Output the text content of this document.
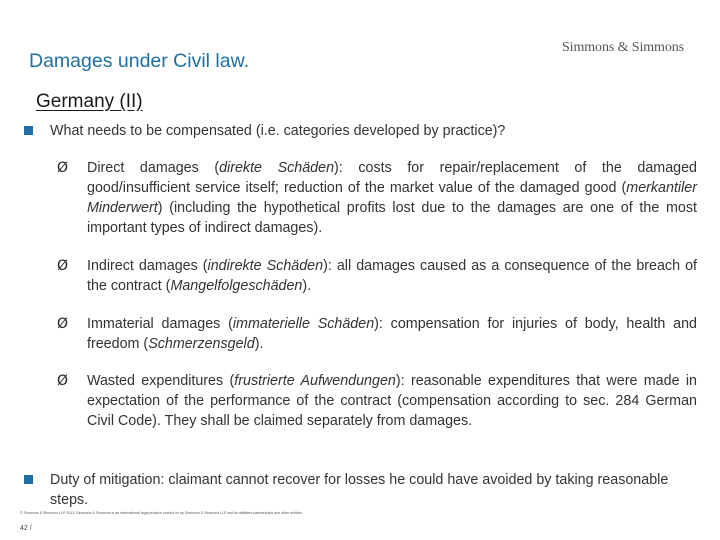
Damages under Civil law.
Simmons & Simmons
Germany (II)
What needs to be compensated (i.e. categories developed by practice)?
Ø Direct damages (direkte Schäden): costs for repair/replacement of the damaged good/insufficient service itself; reduction of the market value of the damaged good (merkantiler Minderwert) (including the hypothetical profits lost due to the damages are one of the most important types of indirect damages).
Ø Indirect damages (indirekte Schäden): all damages caused as a consequence of the breach of the contract (Mangelfolgeschäden).
Ø Immaterial damages (immaterielle Schäden): compensation for injuries of body, health and freedom (Schmerzensgeld).
Ø Wasted expenditures (frustrierte Aufwendungen): reasonable expenditures that were made in expectation of the performance of the contract (compensation according to sec. 284 German Civil Code). They shall be claimed separately from damages.
Duty of mitigation: claimant cannot recover for losses he could have avoided by taking reasonable steps.
© Simmons & Simmons LLP 2013. Simmons & Simmons is an international legal practice carried on by Simmons & Simmons LLP and its affiliated partnerships and other entities.
42 /
